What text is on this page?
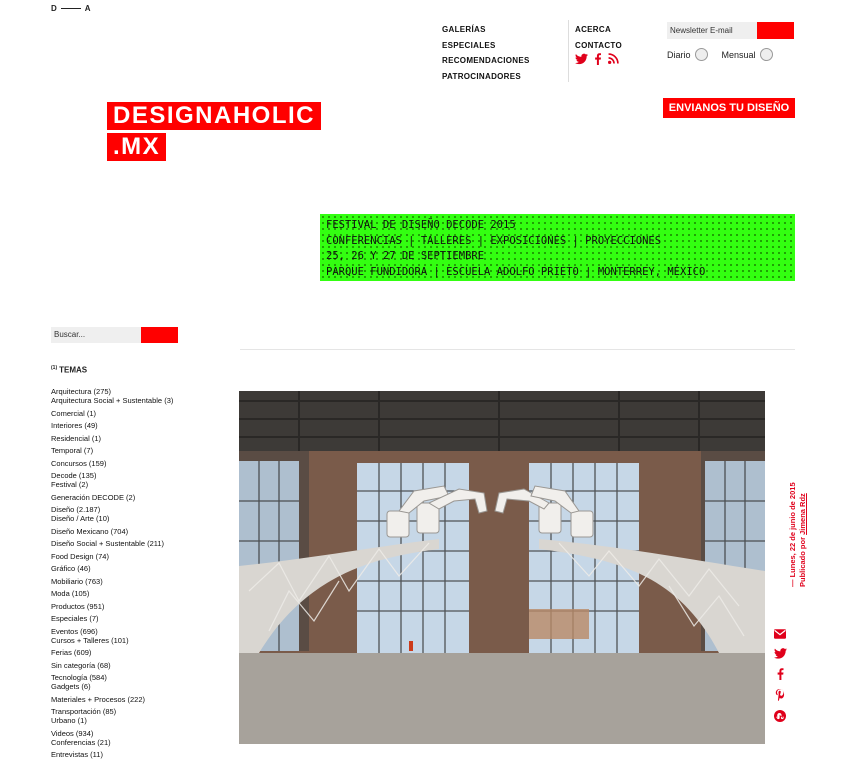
D	A
GALERÍAS
ESPECIALES
RECOMENDACIONES
PATROCINADORES
ACERCA
CONTACTO
Newsletter E-mail
Diario	Mensual
DESIGNAHOLIC
.MX
ENVIANOS TU DISEÑO
FESTIVAL DE DISEÑO DECODE 2015
CONFERENCIAS | TALLERES | EXPOSICIONES | PROYECCIONES
25, 26 Y 27 DE SEPTIEMBRE
PARQUE FUNDIDORA | ESCUELA ADOLFO PRIETO | MONTERREY, MÉXICO
Buscar...
$^{(1)}$ TEMAS
Arquitectura (275)
Arquitectura Social + Sustentable (3)
Comercial (1)
Interiores (49)
Residencial (1)
Temporal (7)
Concursos (159)
Decode (135)
Festival (2)
Generación DECODE (2)
Diseño (2.187)
Diseño / Arte (10)
Diseño Mexicano (704)
Diseño Social + Sustentable (211)
Food Design (74)
Gráfico (46)
Mobiliario (763)
Moda (105)
Productos (951)
Especiales (7)
Eventos (696)
Cursos + Talleres (101)
Ferias (609)
Sin categoría (68)
Tecnología (584)
Gadgets (6)
Materiales + Procesos (222)
Transportación (85)
Urbano (1)
Videos (934)
Conferencias (21)
Entrevistas (11)
— Lunes, 22 de junio de 2015 Publicado por Jimena Rdz
